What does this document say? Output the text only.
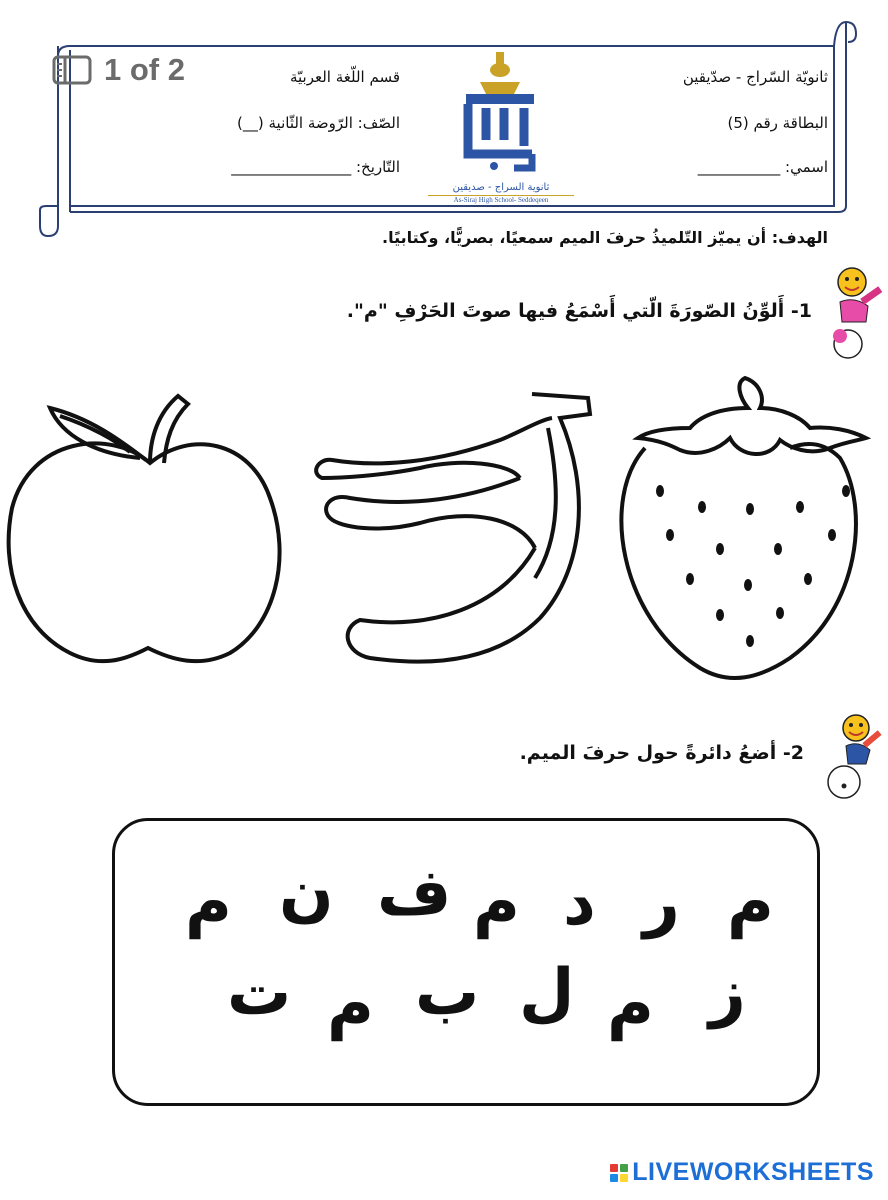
1 of 2	ثانويّة السّراج - صدّيقين
البطاقة رقم (5)
اسمي: ___________
قسم اللّغة العربيّة
الصّف: الرّوضة الثّانية (__)
التّاريخ: ________________
ثانوية السراج - صديقين
As-Siraj High School- Seddeqeen
الهدف: أن يميّز التّلميذُ حرفَ الميم سمعيًا، بصريًّا، وكتابيًا.
1- أَلوِّنُ الصّورَةَ الّتي أَسْمَعُ فيها صوتَ الحَرْفِ "م".
2- أضعُ دائرةً حول حرفَ الميم.
م
ر
د
م
ف
ن
م
ز
م
ل
ب
م
ت
LIVEWORKSHEETS
